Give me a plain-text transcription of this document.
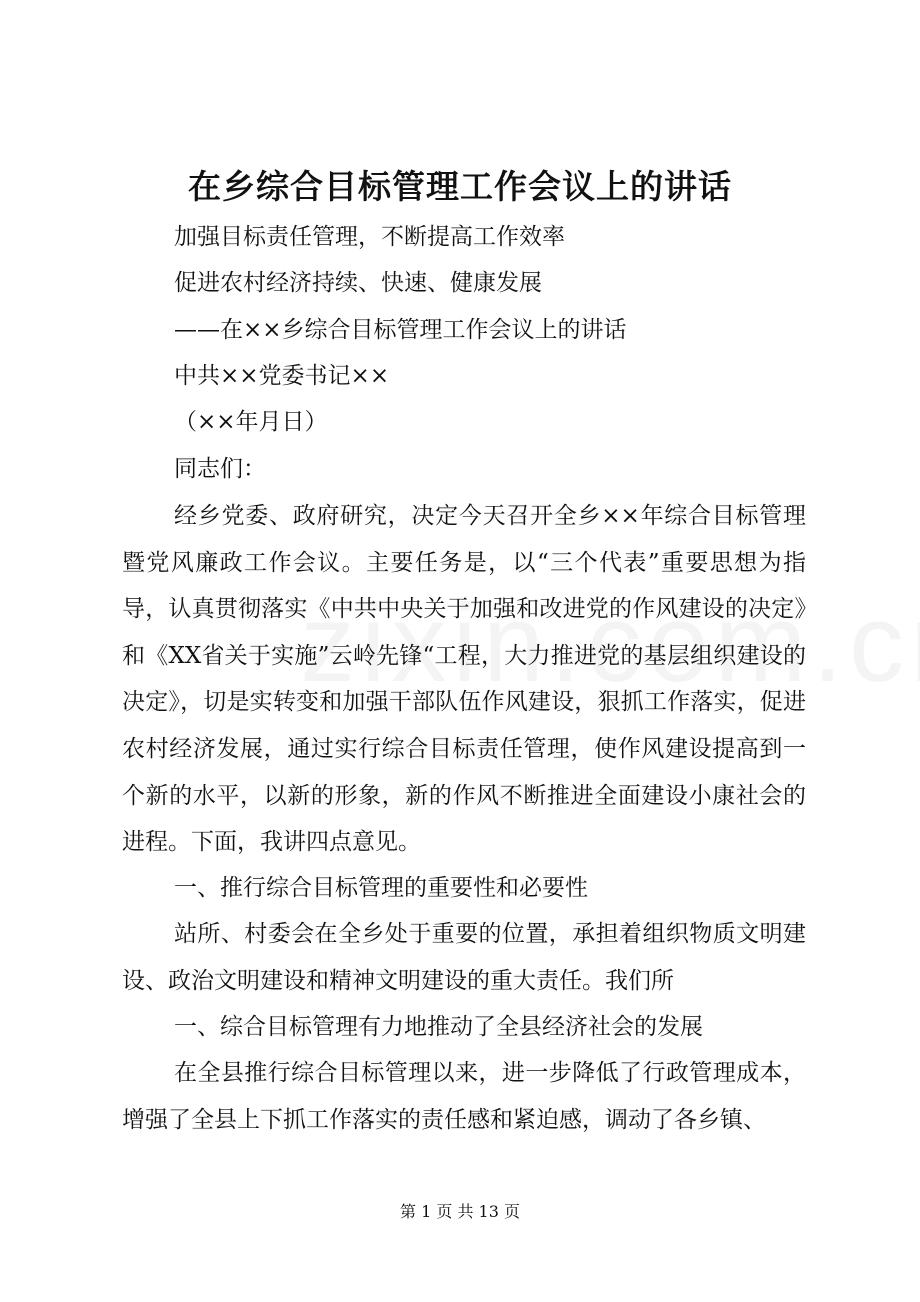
在乡综合目标管理工作会议上的讲话
加强目标责任管理，不断提高工作效率
促进农村经济持续、快速、健康发展
——在××乡综合目标管理工作会议上的讲话
中共××党委书记××
（××年月日）
同志们：

经乡党委、政府研究，决定今天召开全乡××年综合目标管理暨党风廉政工作会议。主要任务是，以“三个代表”重要思想为指导，认真贯彻落实《中共中央关于加强和改进党的作风建设的决定》和《XX省关于实施”云岭先锋“工程，大力推进党的基层组织建设的决定》，切是实转变和加强干部队伍作风建设，狠抓工作落实，促进农村经济发展，通过实行综合目标责任管理，使作风建设提高到一个新的水平，以新的形象，新的作风不断推进全面建设小康社会的进程。下面，我讲四点意见。

一、推行综合目标管理的重要性和必要性

站所、村委会在全乡处于重要的位置，承担着组织物质文明建设、政治文明建设和精神文明建设的重大责任。我们所

一、综合目标管理有力地推动了全县经济社会的发展

在全县推行综合目标管理以来，进一步降低了行政管理成本，增强了全县上下抓工作落实的责任感和紧迫感，调动了各乡镇、

第 1 页 共 13 页
